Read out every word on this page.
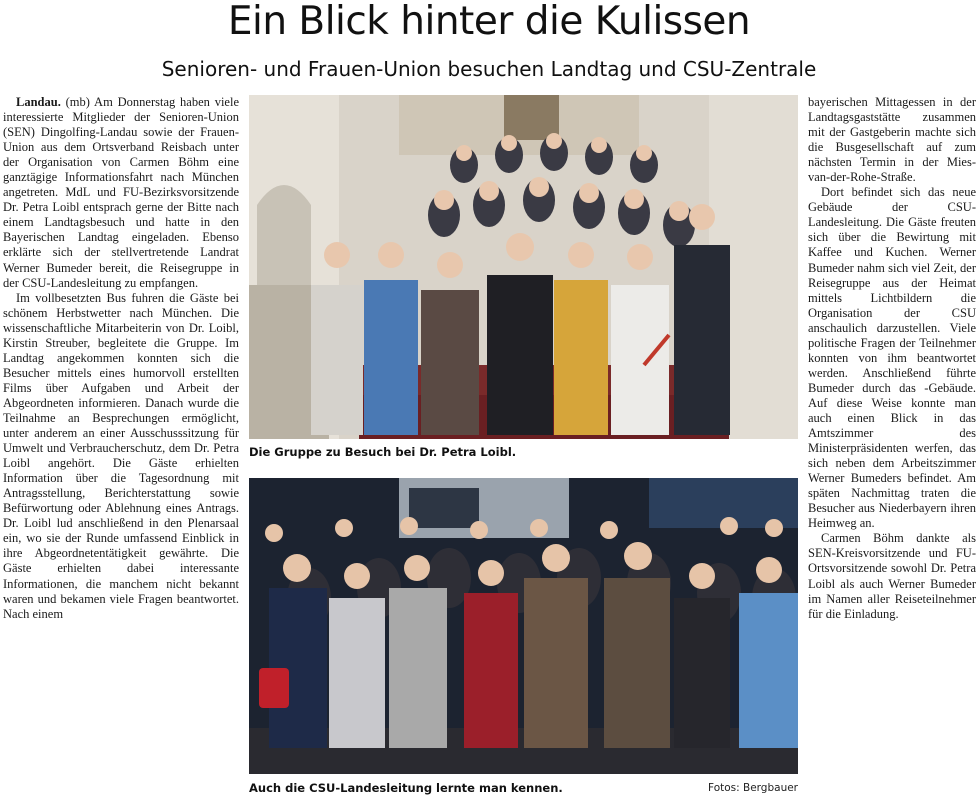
Ein Blick hinter die Kulissen
Senioren- und Frauen-Union besuchen Landtag und CSU-Zentrale

Landau. (mb) Am Donnerstag haben viele interessierte Mitglieder der Senioren-Union (SEN) Dingolfing-Landau sowie der Frauen-Union aus dem Ortsverband Reisbach unter der Organisation von Carmen Böhm eine ganztägige Informationsfahrt nach München angetreten. MdL und FU-Bezirksvorsitzende Dr. Petra Loibl entsprach gerne der Bitte nach einem Landtagsbesuch und hatte in den Bayerischen Landtag eingeladen. Ebenso erklärte sich der stellvertretende Landrat Werner Bumeder bereit, die Reisegruppe in der CSU-Landesleitung zu empfangen.

Im vollbesetzten Bus fuhren die Gäste bei schönem Herbstwetter nach München. Die wissenschaftliche Mitarbeiterin von Dr. Loibl, Kirstin Streuber, begleitete die Gruppe. Im Landtag angekommen konnten sich die Besucher mittels eines humorvoll erstellten Films über Aufgaben und Arbeit der Abgeordneten informieren. Danach wurde die Teilnahme an Besprechungen ermöglicht, unter anderem an einer Ausschusssitzung für Umwelt und Verbraucherschutz, dem Dr. Petra Loibl angehört. Die Gäste erhielten Information über die Tagesordnung mit Antragsstellung, Berichterstattung sowie Befürwortung oder Ablehnung eines Antrags. Dr. Loibl lud anschließend in den Plenarsaal ein, wo sie der Runde umfassend Einblick in ihre Abgeordnetentätigkeit gewährte. Die Gäste erhielten dabei interessante Informationen, die manchem nicht bekannt waren und bekamen viele Fragen beantwortet. Nach einem

Die Gruppe zu Besuch bei Dr. Petra Loibl.
Auch die CSU-Landesleitung lernte man kennen.	Fotos: Bergbauer

bayerischen Mittagessen in der Landtagsgaststätte zusammen mit der Gastgeberin machte sich die Busgesellschaft auf zum nächsten Termin in der Mies-van-der-Rohe-Straße.

Dort befindet sich das neue Gebäude der CSU-Landesleitung. Die Gäste freuten sich über die Bewirtung mit Kaffee und Kuchen. Werner Bumeder nahm sich viel Zeit, der Reisegruppe aus der Heimat mittels Lichtbildern die Organisation der CSU anschaulich darzustellen. Viele politische Fragen der Teilnehmer konnten von ihm beantwortet werden. Anschließend führte Bumeder durch das -Gebäude. Auf diese Weise konnte man auch einen Blick in das Amtszimmer des Ministerpräsidenten werfen, das sich neben dem Arbeitszimmer Werner Bumeders befindet. Am späten Nachmittag traten die Besucher aus Niederbayern ihren Heimweg an.

Carmen Böhm dankte als SEN-Kreisvorsitzende und FU-Ortsvorsitzende sowohl Dr. Petra Loibl als auch Werner Bumeder im Namen aller Reiseteilnehmer für die Einladung.
